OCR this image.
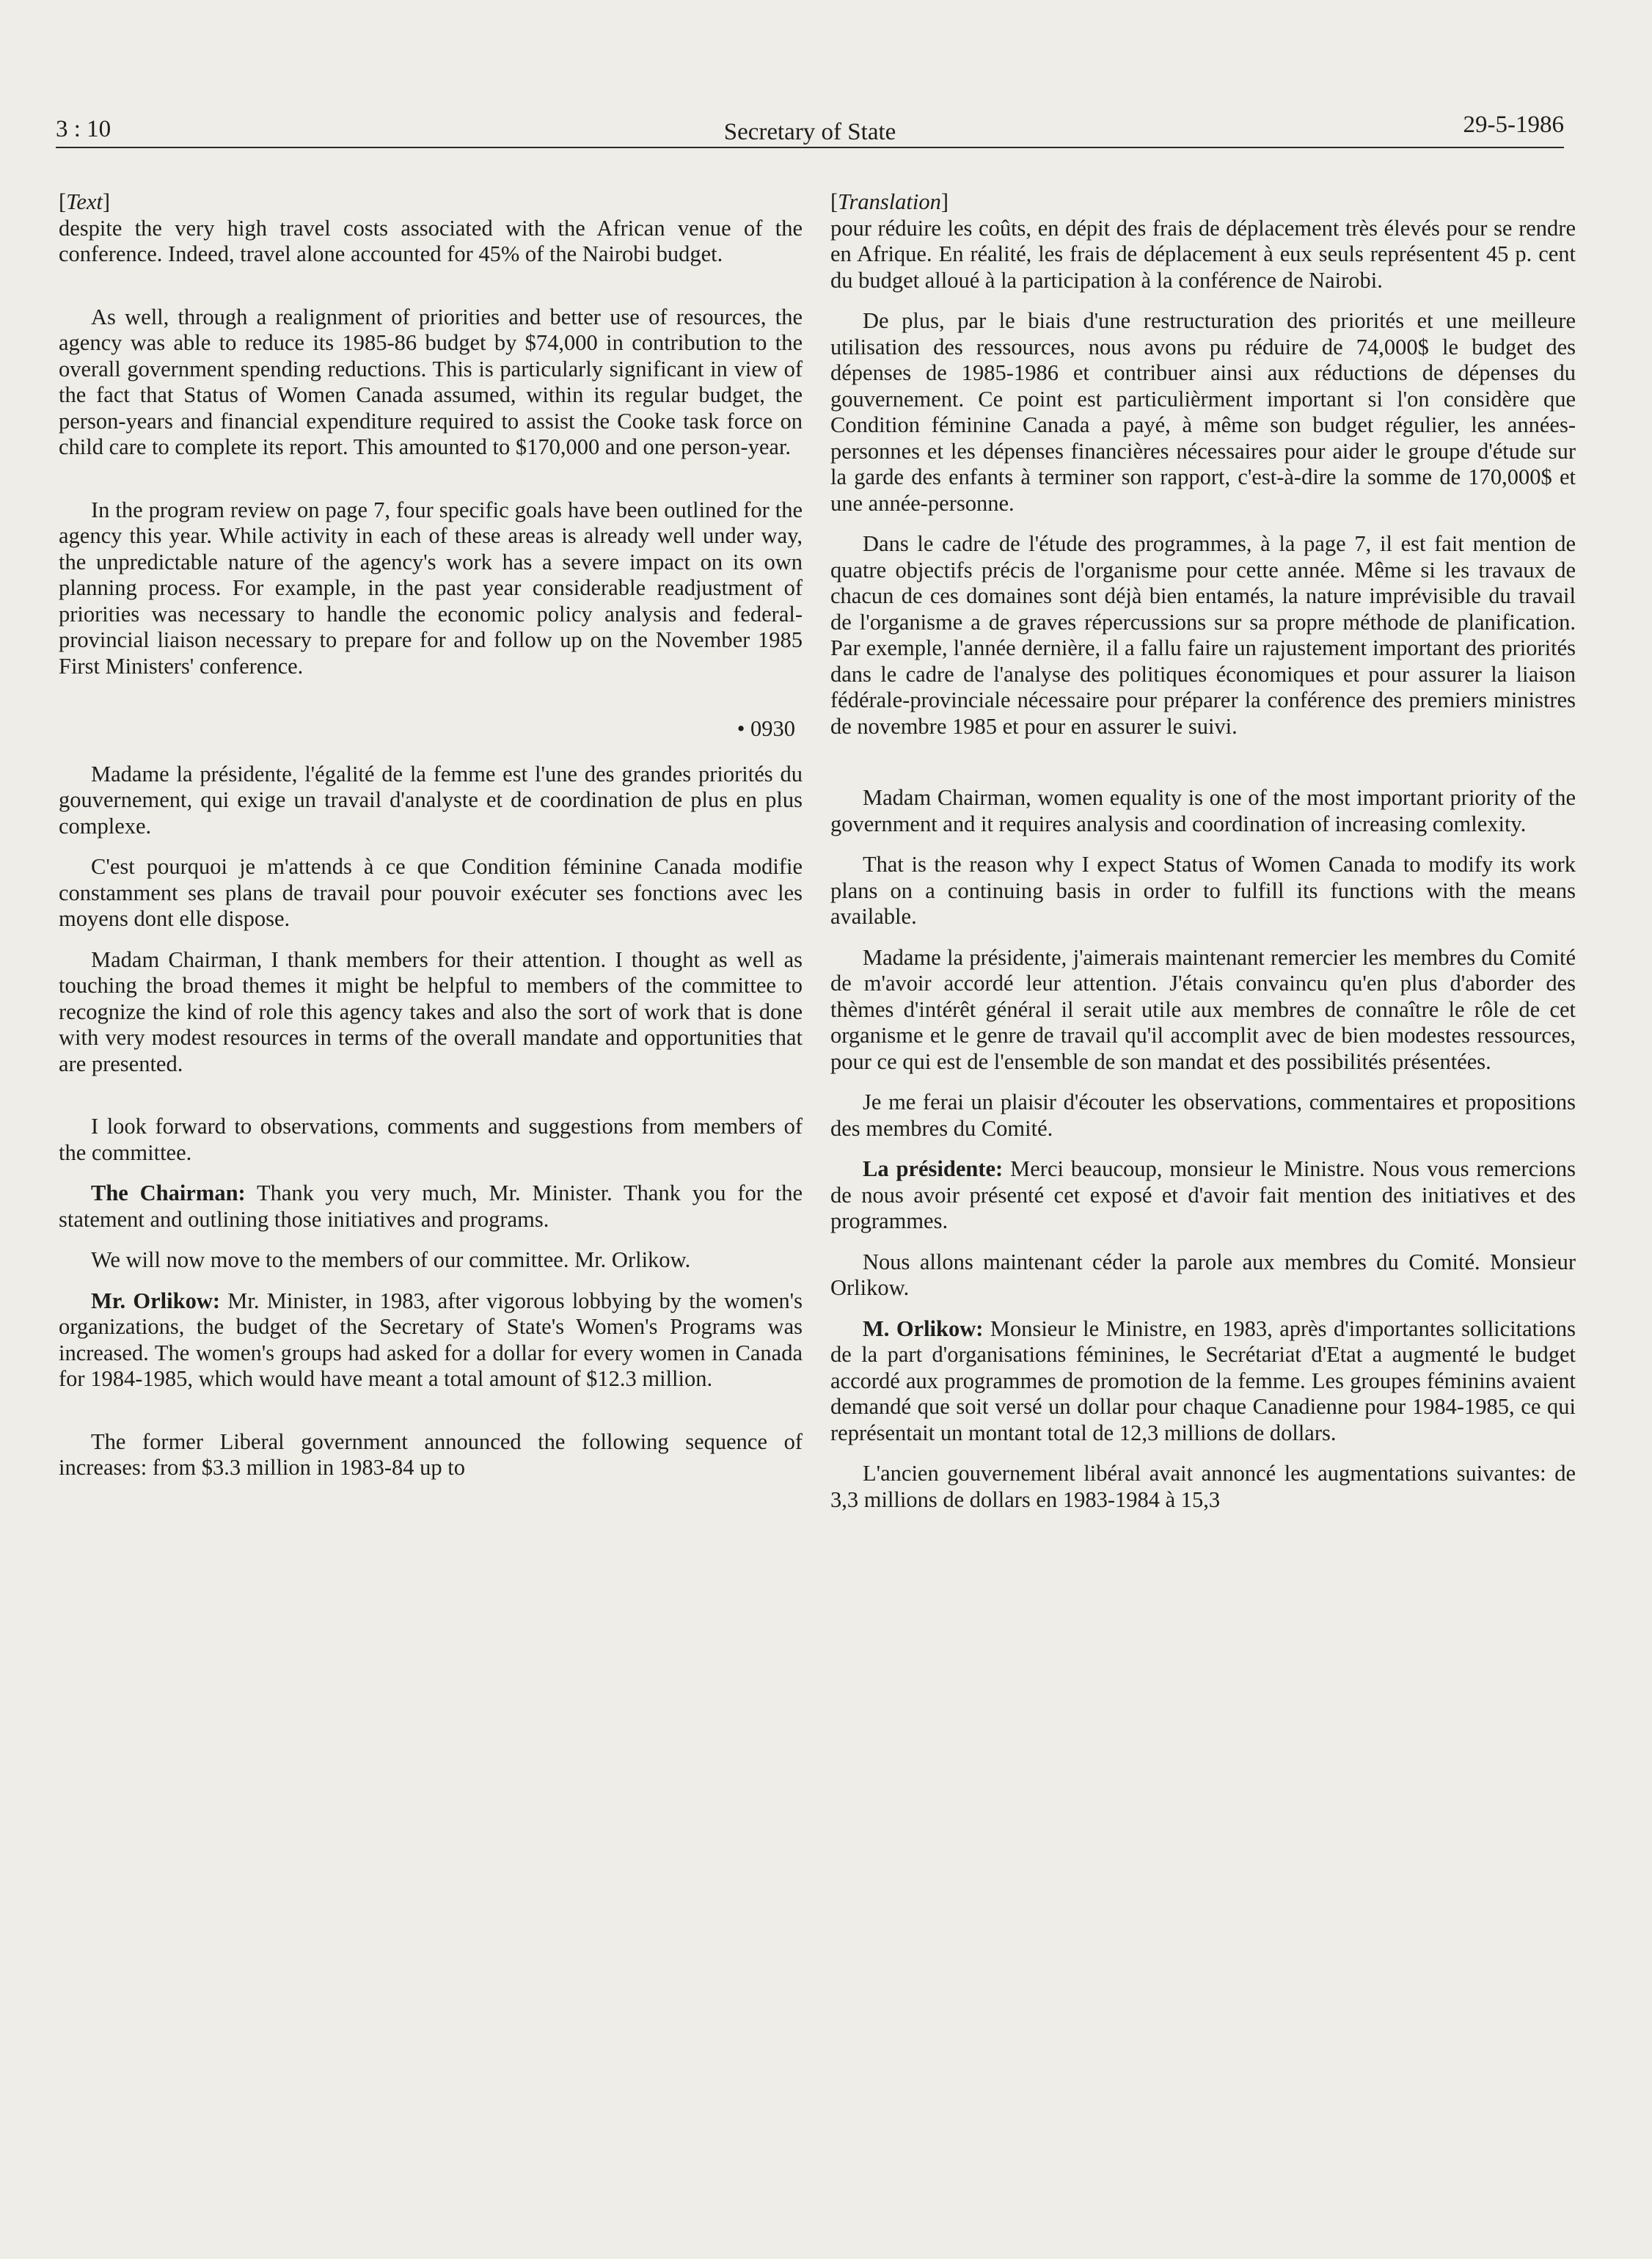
3 : 10	Secretary of State	29-5-1986
[Text]

despite the very high travel costs associated with the African venue of the conference. Indeed, travel alone accounted for 45% of the Nairobi budget.

As well, through a realignment of priorities and better use of resources, the agency was able to reduce its 1985-86 budget by $74,000 in contribution to the overall government spending reductions. This is particularly significant in view of the fact that Status of Women Canada assumed, within its regular budget, the person-years and financial expenditure required to assist the Cooke task force on child care to complete its report. This amounted to $170,000 and one person-year.

In the program review on page 7, four specific goals have been outlined for the agency this year. While activity in each of these areas is already well under way, the unpredictable nature of the agency's work has a severe impact on its own planning process. For example, in the past year considerable readjustment of priorities was necessary to handle the economic policy analysis and federal-provincial liaison necessary to prepare for and follow up on the November 1985 First Ministers' conference.

• 0930

Madame la présidente, l'égalité de la femme est l'une des grandes priorités du gouvernement, qui exige un travail d'analyste et de coordination de plus en plus complexe.

C'est pourquoi je m'attends à ce que Condition féminine Canada modifie constamment ses plans de travail pour pouvoir exécuter ses fonctions avec les moyens dont elle dispose.

Madam Chairman, I thank members for their attention. I thought as well as touching the broad themes it might be helpful to members of the committee to recognize the kind of role this agency takes and also the sort of work that is done with very modest resources in terms of the overall mandate and opportunities that are presented.

I look forward to observations, comments and suggestions from members of the committee.

The Chairman: Thank you very much, Mr. Minister. Thank you for the statement and outlining those initiatives and programs.

We will now move to the members of our committee. Mr. Orlikow.

Mr. Orlikow: Mr. Minister, in 1983, after vigorous lobbying by the women's organizations, the budget of the Secretary of State's Women's Programs was increased. The women's groups had asked for a dollar for every women in Canada for 1984-1985, which would have meant a total amount of $12.3 million.

The former Liberal government announced the following sequence of increases: from $3.3 million in 1983-84 up to

[Translation]

pour réduire les coûts, en dépit des frais de déplacement très élevés pour se rendre en Afrique. En réalité, les frais de déplacement à eux seuls représentent 45 p. cent du budget alloué à la participation à la conférence de Nairobi.

De plus, par le biais d'une restructuration des priorités et une meilleure utilisation des ressources, nous avons pu réduire de 74,000$ le budget des dépenses de 1985-1986 et contribuer ainsi aux réductions de dépenses du gouvernement. Ce point est particulièrment important si l'on considère que Condition féminine Canada a payé, à même son budget régulier, les années-personnes et les dépenses financières nécessaires pour aider le groupe d'étude sur la garde des enfants à terminer son rapport, c'est-à-dire la somme de 170,000$ et une année-personne.

Dans le cadre de l'étude des programmes, à la page 7, il est fait mention de quatre objectifs précis de l'organisme pour cette année. Même si les travaux de chacun de ces domaines sont déjà bien entamés, la nature imprévisible du travail de l'organisme a de graves répercussions sur sa propre méthode de planification. Par exemple, l'année dernière, il a fallu faire un rajustement important des priorités dans le cadre de l'analyse des politiques économiques et pour assurer la liaison fédérale-provinciale nécessaire pour préparer la conférence des premiers ministres de novembre 1985 et pour en assurer le suivi.

Madam Chairman, women equality is one of the most important priority of the government and it requires analysis and coordination of increasing comlexity.

That is the reason why I expect Status of Women Canada to modify its work plans on a continuing basis in order to fulfill its functions with the means available.

Madame la présidente, j'aimerais maintenant remercier les membres du Comité de m'avoir accordé leur attention. J'étais convaincu qu'en plus d'aborder des thèmes d'intérêt général il serait utile aux membres de connaître le rôle de cet organisme et le genre de travail qu'il accomplit avec de bien modestes ressources, pour ce qui est de l'ensemble de son mandat et des possibilités présentées.

Je me ferai un plaisir d'écouter les observations, commentaires et propositions des membres du Comité.

La présidente: Merci beaucoup, monsieur le Ministre. Nous vous remercions de nous avoir présenté cet exposé et d'avoir fait mention des initiatives et des programmes.

Nous allons maintenant céder la parole aux membres du Comité. Monsieur Orlikow.

M. Orlikow: Monsieur le Ministre, en 1983, après d'importantes sollicitations de la part d'organisations féminines, le Secrétariat d'Etat a augmenté le budget accordé aux programmes de promotion de la femme. Les groupes féminins avaient demandé que soit versé un dollar pour chaque Canadienne pour 1984-1985, ce qui représentait un montant total de 12,3 millions de dollars.

L'ancien gouvernement libéral avait annoncé les augmentations suivantes: de 3,3 millions de dollars en 1983-1984 à 15,3
